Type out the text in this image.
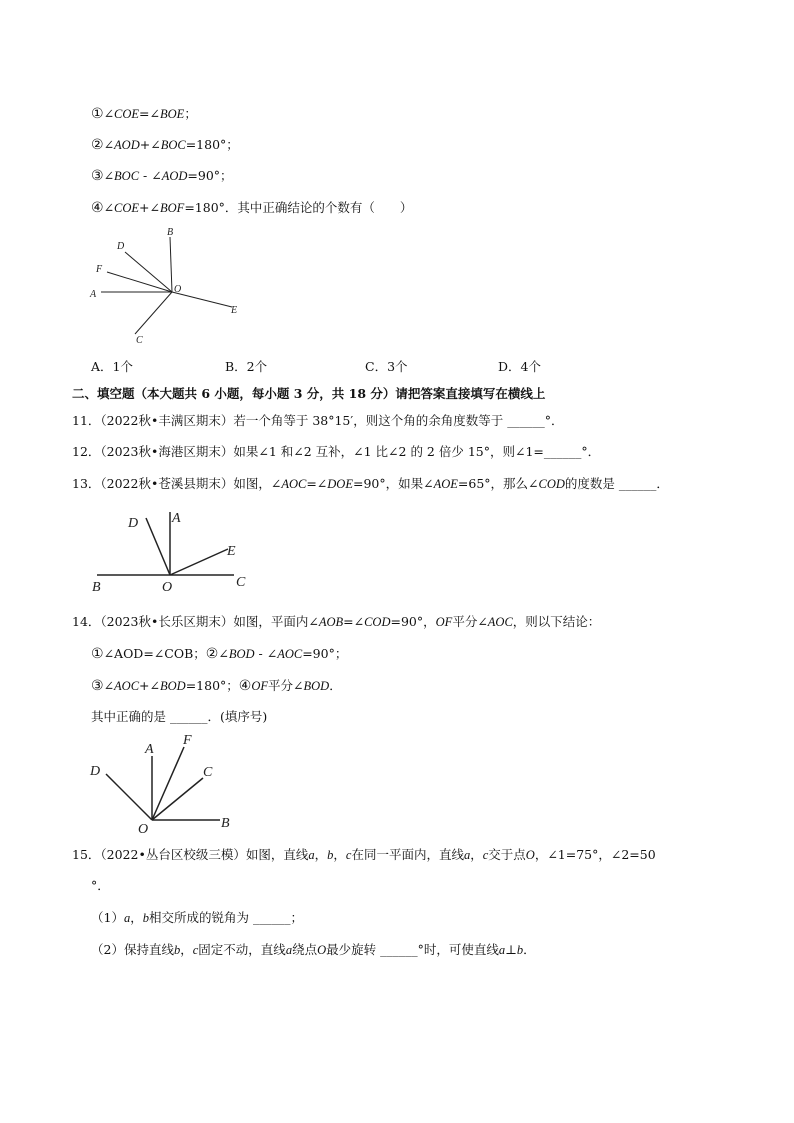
①∠COE=∠BOE；
②∠AOD+∠BOC=180°；
③∠BOC - ∠AOD=90°；
④∠COE+∠BOF=180°．其中正确结论的个数有（　　）
B
D
F
A	O
E
C
A．1个	B．2个	C．3个	D．4个
二、填空题（本大题共 6 小题，每小题 3 分，共 18 分）请把答案直接填写在横线上
11．（2022秋•丰满区期末）若一个角等于 38°15′，则这个角的余角度数等于 ______°．
12．（2023秋•海港区期末）如果∠1 和∠2 互补，∠1 比∠2 的 2 倍少 15°，则∠1=______°．
13．（2022秋•苍溪县期末）如图，∠AOC=∠DOE=90°，如果∠AOE=65°，那么∠COD的度数是 ______．
D A
E
B	O	C
14．（2023秋•长乐区期末）如图，平面内∠AOB=∠COD=90°，OF平分∠AOC，则以下结论：
①∠AOD=∠COB；②∠BOD - ∠AOC=90°；
③∠AOC+∠BOD=180°；④OF平分∠BOD．
其中正确的是 ______．(填序号)
D
A
F
C
O	B
15．（2022•丛台区校级三模）如图，直线a，b，c在同一平面内，直线a，c交于点O，∠1=75°，∠2=50
°．
（1）a，b相交所成的锐角为 ______；
（2）保持直线b，c固定不动，直线a绕点O最少旋转 ______°时，可使直线a⊥b．
